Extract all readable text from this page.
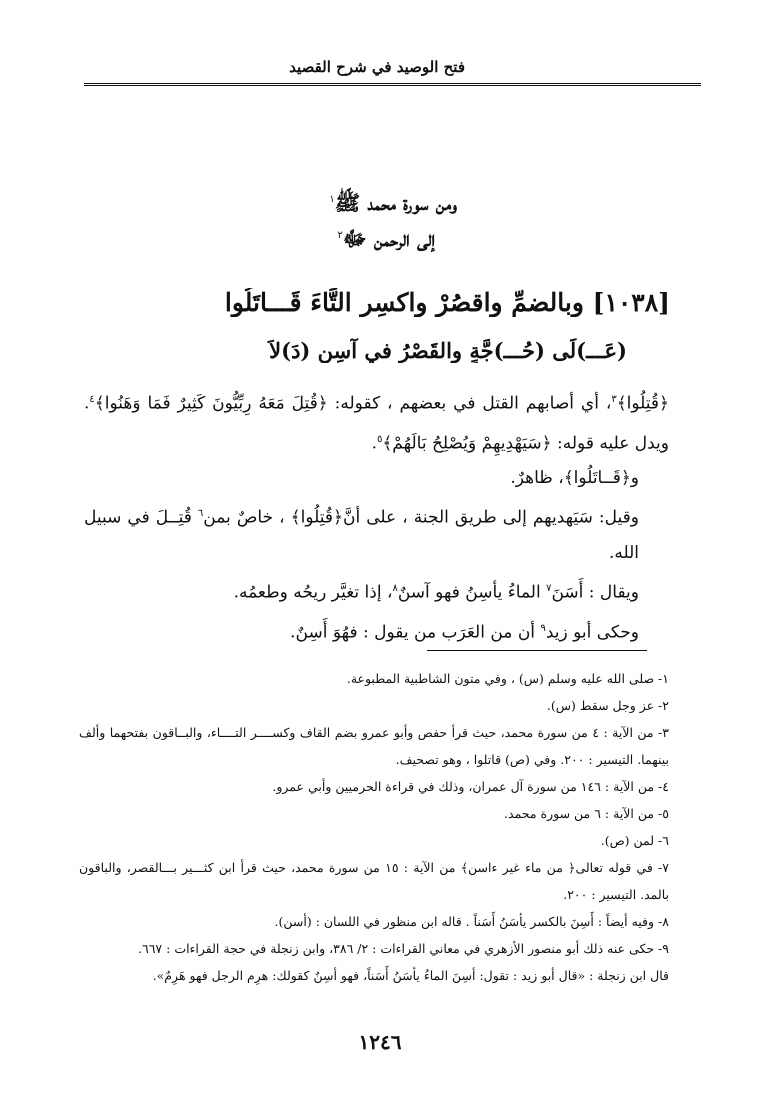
فتح الوصيد في شرح القصيد
ومن سورة محمد ﷺ$^١$
إلى الرحمن ﷻ$^٢$
[١٠٣٨] وبالضمِّ واقصُرْ واكسِرِ التَّاءَ قَـــاتَلُوا
(عَـــ)لَى (حُـــ)جَّةٍ والقَصْرُ في آسِنٍ (دَ)لاَ

﴿قُتِلُوا﴾$^٣$، أي أصابهم القتل في بعضهم ، كقوله: ﴿قُتِلَ مَعَهُ رِبِّيُّونَ كَثِيرٌ فَمَا وَهَنُوا﴾$^٤$. ويدل عليه قوله: ﴿سَيَهْدِيهِمْ وَيُصْلِحُ بَالَهُمْ﴾$^٥$.

و﴿قَــاتَلُوا﴾، ظاهرٌ.

وقيل: سَيَهديهم إلى طريق الجنة ، على أنَّ﴿قُتِلُوا﴾ ، خاصٌ بمن$^٦$ قُتِــلَ في سبيل الله.

ويقال : أَسَنَ$^٧$ الماءُ يأسِنُ فهو آسنٌ$^٨$، إذا تغيَّر ريحُه وطعمُه.

وحكى أبو زيد$^٩$ أن من العَرَب من يقول : فهُوَ أَسِنٌ.

١- صلى الله عليه وسلم (س) ، وفي متون الشاطبية المطبوعة.

٢- عز وجل سقط (س).

٣- من الآية : ٤ من سورة محمد، حيث قرأ حفص وأبو عمرو بضم القاف وكســــر التــــاء، والبــاقون بفتحهما وألف بينهما. التيسير : ٢٠٠. وفي (ص) قاتلوا ، وهو تصحيف.

٤- من الآية : ١٤٦ من سورة آل عمران، وذلك في قراءة الحرميين وأبي عمرو.

٥- من الآية : ٦ من سورة محمد.

٦- لمن (ص).

٧- في قوله تعالى﴿ من ماء غير ءاسن﴾ من الآية : ١٥ من سورة محمد، حيث قرأ ابن كثـــير بـــالقصر، والباقون بالمد. التيسير : ٢٠٠.

٨- وفيه أيضاً : أَسِنَ بالكسر يأسَنُ أَسَناً . قاله ابن منظور في اللسان : (أسن).

٩- حكى عنه ذلك أبو منصور الأزهري في معاني القراءات : ٢/ ٣٨٦، وابن زنجلة في حجة القراءات : ٦٦٧.

قال ابن زنجلة : «قال أبو زيد : تقول: أسِنَ الماءُ يأسَنُ أَسَناً، فهو أسِنٌ كقولك: هرِم الرجل فهو هَرِمٌ».

١٢٤٦
